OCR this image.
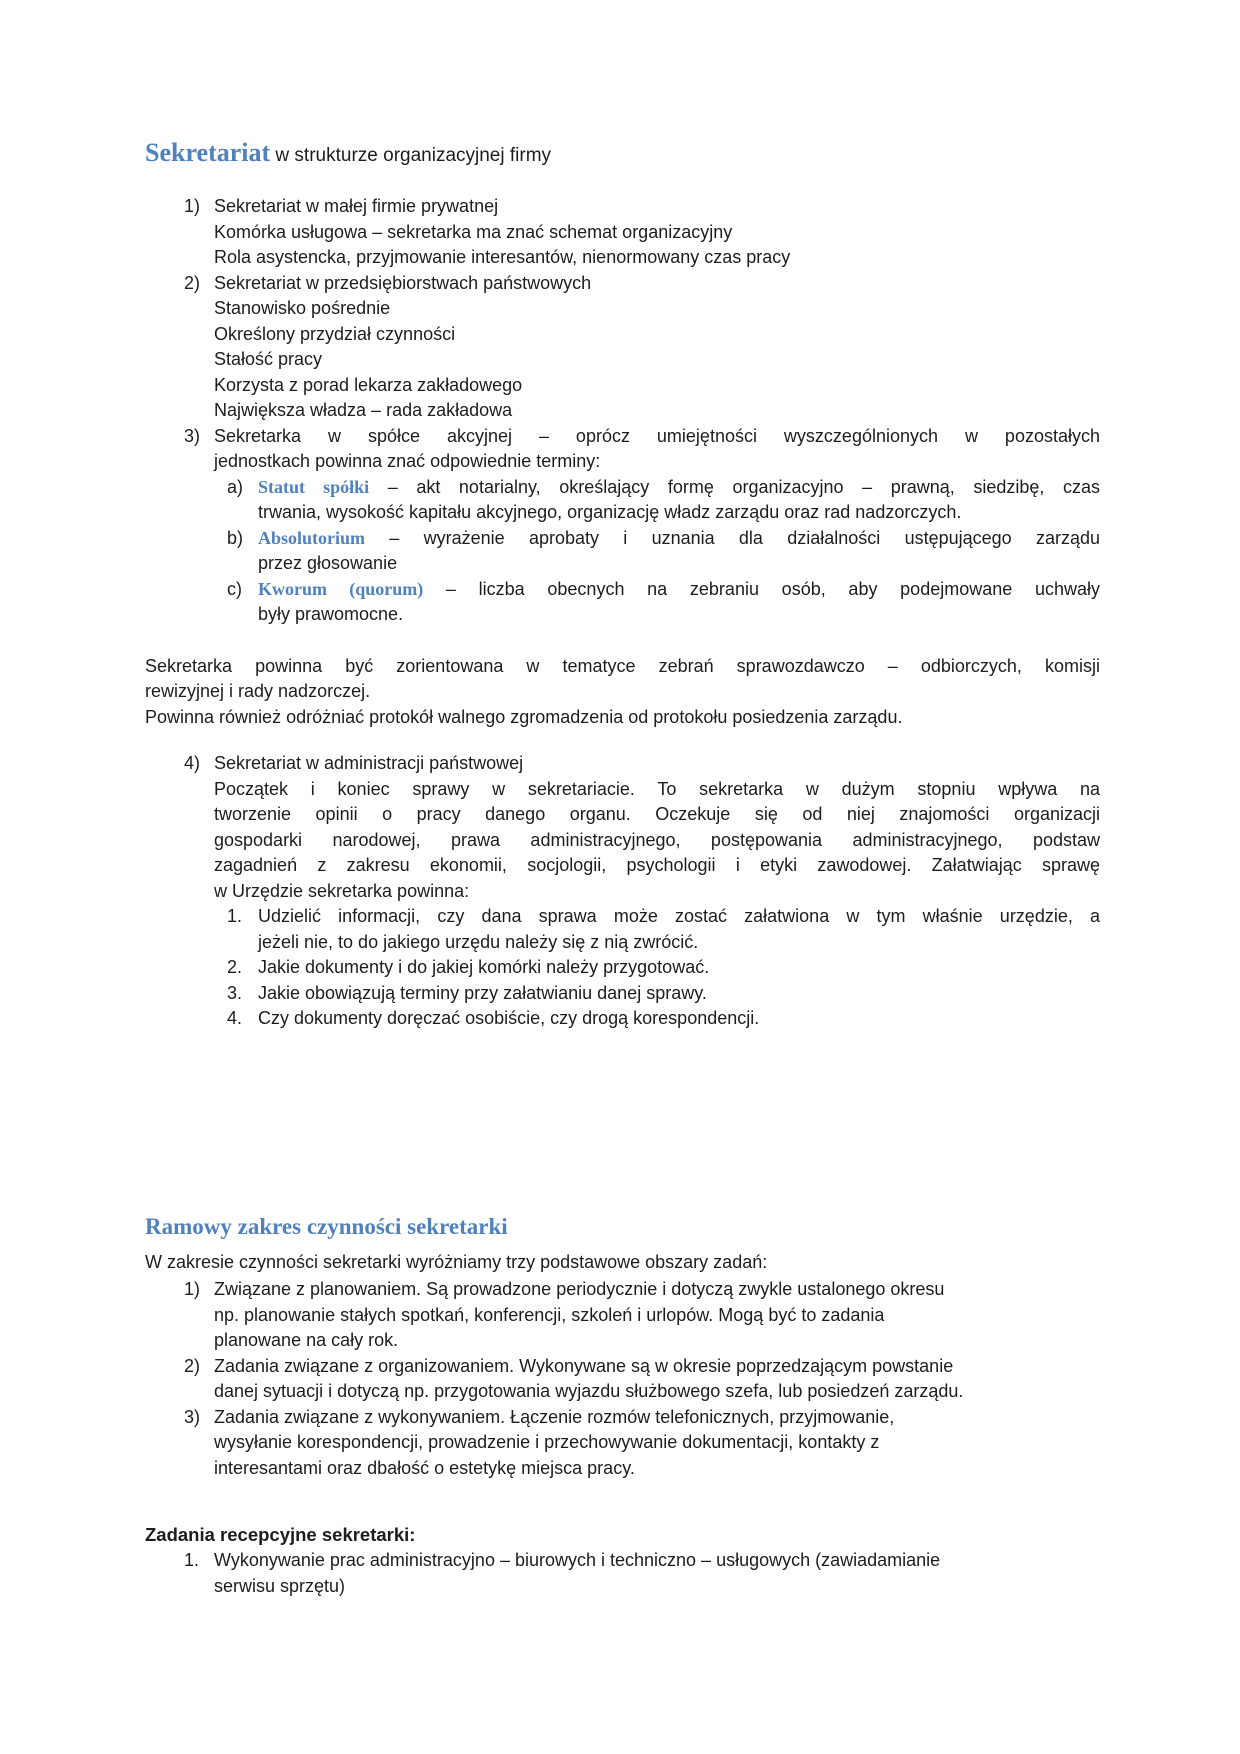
Sekretariat w strukturze organizacyjnej firmy
1) Sekretariat w małej firmie prywatnej
Komórka usługowa – sekretarka ma znać schemat organizacyjny
Rola asystencka, przyjmowanie interesantów, nienormowany czas pracy
2) Sekretariat w przedsiębiorstwach państwowych
Stanowisko pośrednie
Określony przydział czynności
Stałość pracy
Korzysta z porad lekarza zakładowego
Największa władza – rada zakładowa
3) Sekretarka w spółce akcyjnej – oprócz umiejętności wyszczególnionych w pozostałych
jednostkach powinna znać odpowiednie terminy:
a) Statut spółki – akt notarialny, określający formę organizacyjno – prawną, siedzibę, czas
trwania, wysokość kapitału akcyjnego, organizację władz zarządu oraz rad nadzorczych.
b) Absolutorium – wyrażenie aprobaty i uznania dla działalności ustępującego zarządu
przez głosowanie
c) Kworum (quorum) – liczba obecnych na zebraniu osób, aby podejmowane uchwały
były prawomocne.
Sekretarka powinna być zorientowana w tematyce zebrań sprawozdawczo – odbiorczych, komisji
rewizyjnej i rady nadzorczej.
Powinna również odróżniać protokół walnego zgromadzenia od protokołu posiedzenia zarządu.
4) Sekretariat w administracji państwowej
Początek i koniec sprawy w sekretariacie. To sekretarka w dużym stopniu wpływa na
tworzenie opinii o pracy danego organu. Oczekuje się od niej znajomości organizacji
gospodarki narodowej, prawa administracyjnego, postępowania administracyjnego, podstaw
zagadnień z zakresu ekonomii, socjologii, psychologii i etyki zawodowej. Załatwiając sprawę
w Urzędzie sekretarka powinna:
1. Udzielić informacji, czy dana sprawa może zostać załatwiona w tym właśnie urzędzie, a
jeżeli nie, to do jakiego urzędu należy się z nią zwrócić.
2. Jakie dokumenty i do jakiej komórki należy przygotować.
3. Jakie obowiązują terminy przy załatwianiu danej sprawy.
4. Czy dokumenty doręczać osobiście, czy drogą korespondencji.
Ramowy zakres czynności sekretarki
W zakresie czynności sekretarki wyróżniamy trzy podstawowe obszary zadań:
1) Związane z planowaniem. Są prowadzone periodycznie i dotyczą zwykle ustalonego okresu
np. planowanie stałych spotkań, konferencji, szkoleń i urlopów. Mogą być to zadania
planowane na cały rok.
2) Zadania związane z organizowaniem. Wykonywane są w okresie poprzedzającym powstanie
danej sytuacji i dotyczą np. przygotowania wyjazdu służbowego szefa, lub posiedzeń zarządu.
3) Zadania związane z wykonywaniem. Łączenie rozmów telefonicznych, przyjmowanie,
wysyłanie korespondencji, prowadzenie i przechowywanie dokumentacji, kontakty z
interesantami oraz dbałość o estetykę miejsca pracy.
Zadania recepcyjne sekretarki:
1. Wykonywanie prac administracyjno – biurowych i techniczno – usługowych (zawiadamianie
serwisu sprzętu)
